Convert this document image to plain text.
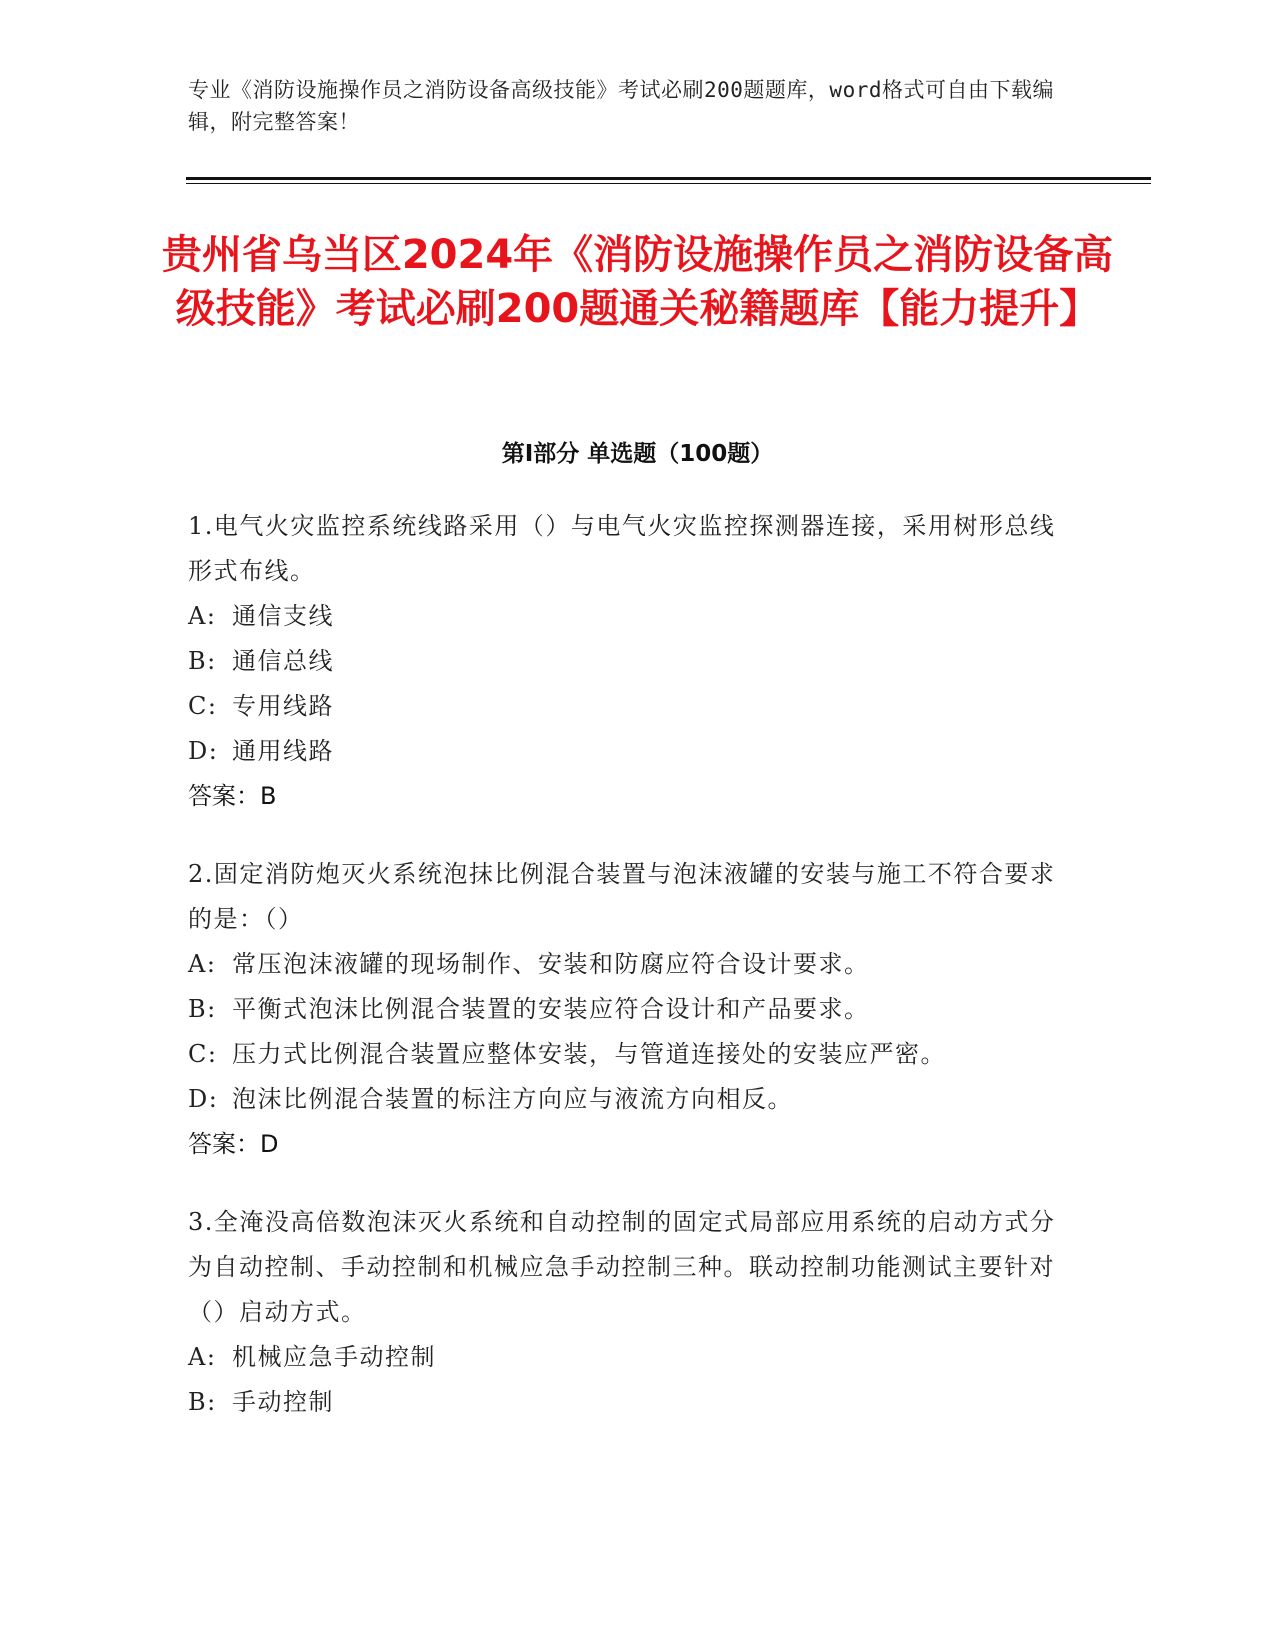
专业《消防设施操作员之消防设备高级技能》考试必刷200题题库，word格式可自由下载编辑，附完整答案！
贵州省乌当区2024年《消防设施操作员之消防设备高级技能》考试必刷200题通关秘籍题库【能力提升】
第I部分 单选题（100题）
1.电气火灾监控系统线路采用（）与电气火灾监控探测器连接，采用树形总线形式布线。
A: 通信支线
B: 通信总线
C: 专用线路
D: 通用线路
答案：B
2.固定消防炮灭火系统泡抹比例混合装置与泡沫液罐的安装与施工不符合要求的是：（）
A: 常压泡沫液罐的现场制作、安装和防腐应符合设计要求。
B: 平衡式泡沫比例混合装置的安装应符合设计和产品要求。
C: 压力式比例混合装置应整体安装，与管道连接处的安装应严密。
D: 泡沫比例混合装置的标注方向应与液流方向相反。
答案：D
3.全淹没高倍数泡沫灭火系统和自动控制的固定式局部应用系统的启动方式分为自动控制、手动控制和机械应急手动控制三种。联动控制功能测试主要针对（）启动方式。
A: 机械应急手动控制
B: 手动控制
